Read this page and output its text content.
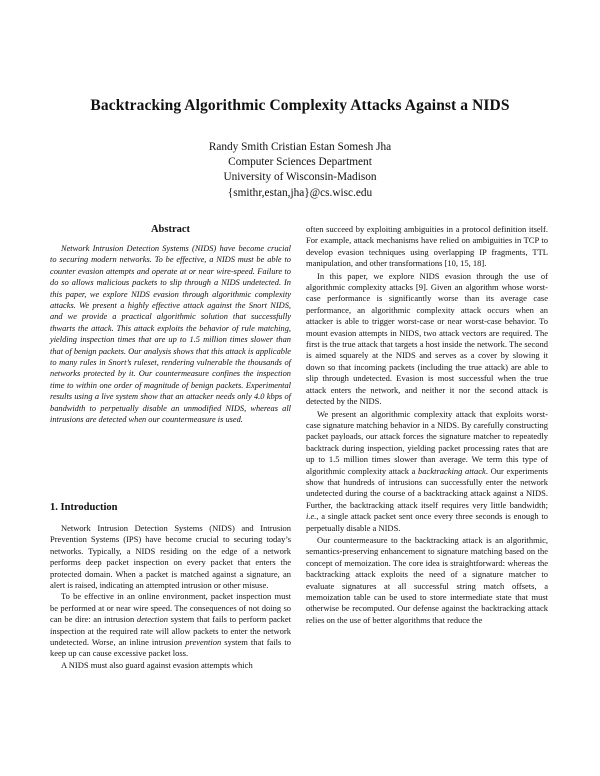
Backtracking Algorithmic Complexity Attacks Against a NIDS
Randy Smith Cristian Estan Somesh Jha
Computer Sciences Department
University of Wisconsin-Madison
{smithr,estan,jha}@cs.wisc.edu
Abstract

Network Intrusion Detection Systems (NIDS) have become crucial to securing modern networks. To be effective, a NIDS must be able to counter evasion attempts and operate at or near wire-speed. Failure to do so allows malicious packets to slip through a NIDS undetected. In this paper, we explore NIDS evasion through algorithmic complexity attacks. We present a highly effective attack against the Snort NIDS, and we provide a practical algorithmic solution that successfully thwarts the attack. This attack exploits the behavior of rule matching, yielding inspection times that are up to 1.5 million times slower than that of benign packets. Our analysis shows that this attack is applicable to many rules in Snort’s ruleset, rendering vulnerable the thousands of networks protected by it. Our countermeasure confines the inspection time to within one order of magnitude of benign packets. Experimental results using a live system show that an attacker needs only 4.0 kbps of bandwidth to perpetually disable an unmodified NIDS, whereas all intrusions are detected when our countermeasure is used.

1. Introduction

Network Intrusion Detection Systems (NIDS) and Intrusion Prevention Systems (IPS) have become crucial to securing today’s networks. Typically, a NIDS residing on the edge of a network performs deep packet inspection on every packet that enters the protected domain. When a packet is matched against a signature, an alert is raised, indicating an attempted intrusion or other misuse.

To be effective in an online environment, packet inspection must be performed at or near wire speed. The consequences of not doing so can be dire: an intrusion detection system that fails to perform packet inspection at the required rate will allow packets to enter the network undetected. Worse, an inline intrusion prevention system that fails to keep up can cause excessive packet loss.

A NIDS must also guard against evasion attempts which

often succeed by exploiting ambiguities in a protocol definition itself. For example, attack mechanisms have relied on ambiguities in TCP to develop evasion techniques using overlapping IP fragments, TTL manipulation, and other transformations [10, 15, 18].

In this paper, we explore NIDS evasion through the use of algorithmic complexity attacks [9]. Given an algorithm whose worst-case performance is significantly worse than its average case performance, an algorithmic complexity attack occurs when an attacker is able to trigger worst-case or near worst-case behavior. To mount evasion attempts in NIDS, two attack vectors are required. The first is the true attack that targets a host inside the network. The second is aimed squarely at the NIDS and serves as a cover by slowing it down so that incoming packets (including the true attack) are able to slip through undetected. Evasion is most successful when the true attack enters the network, and neither it nor the second attack is detected by the NIDS.

We present an algorithmic complexity attack that exploits worst-case signature matching behavior in a NIDS. By carefully constructing packet payloads, our attack forces the signature matcher to repeatedly backtrack during inspection, yielding packet processing rates that are up to 1.5 million times slower than average. We term this type of algorithmic complexity attack a backtracking attack. Our experiments show that hundreds of intrusions can successfully enter the network undetected during the course of a backtracking attack against a NIDS. Further, the backtracking attack itself requires very little bandwidth; i.e., a single attack packet sent once every three seconds is enough to perpetually disable a NIDS.

Our countermeasure to the backtracking attack is an algorithmic, semantics-preserving enhancement to signature matching based on the concept of memoization. The core idea is straightforward: whereas the backtracking attack exploits the need of a signature matcher to evaluate signatures at all successful string match offsets, a memoization table can be used to store intermediate state that must otherwise be recomputed. Our defense against the backtracking attack relies on the use of better algorithms that reduce the
